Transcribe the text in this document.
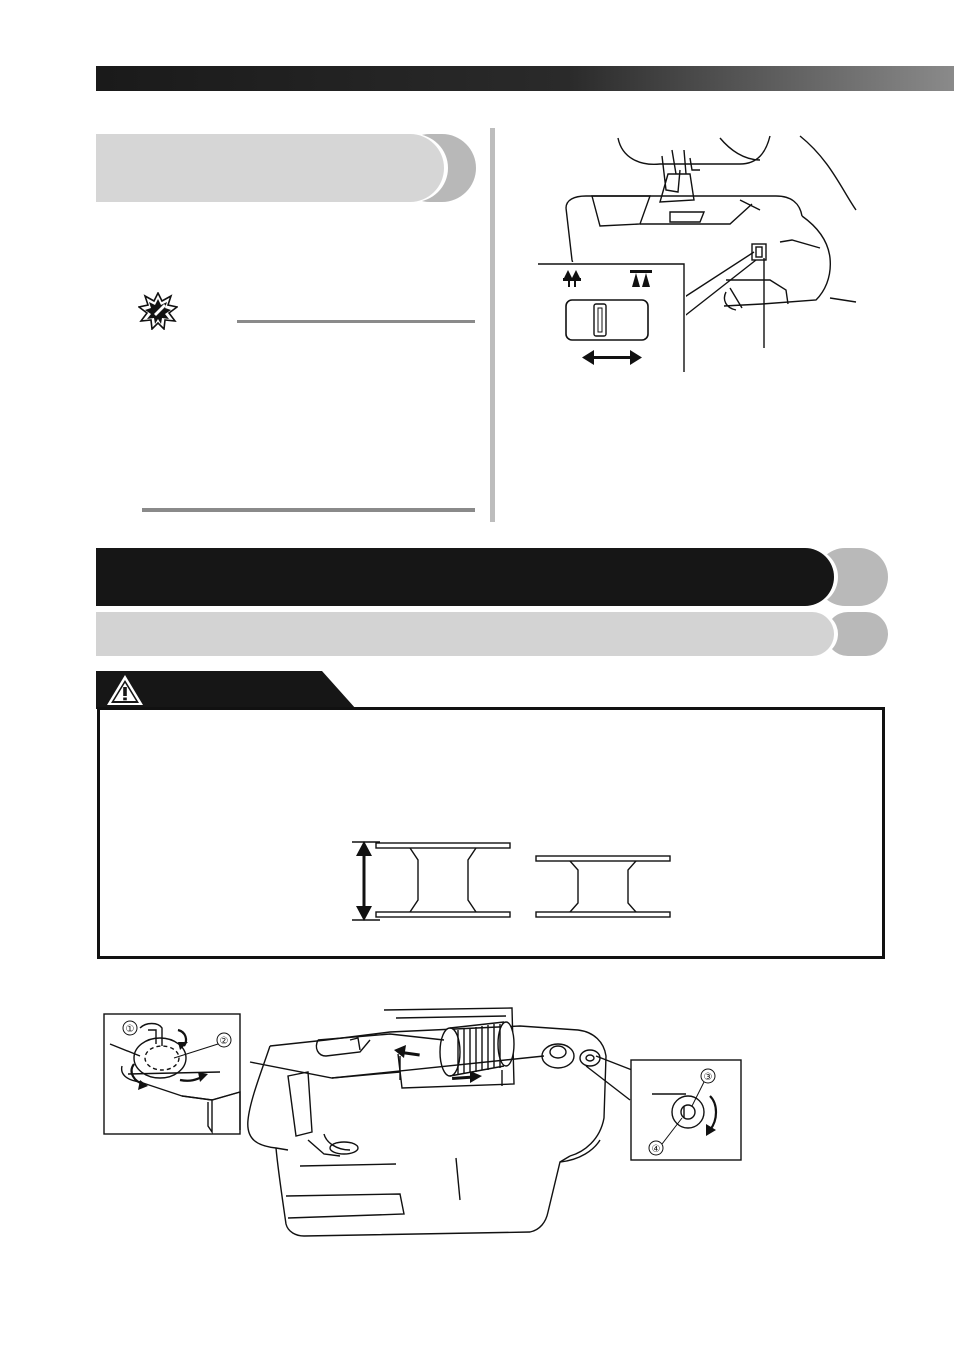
①
②
③
④
